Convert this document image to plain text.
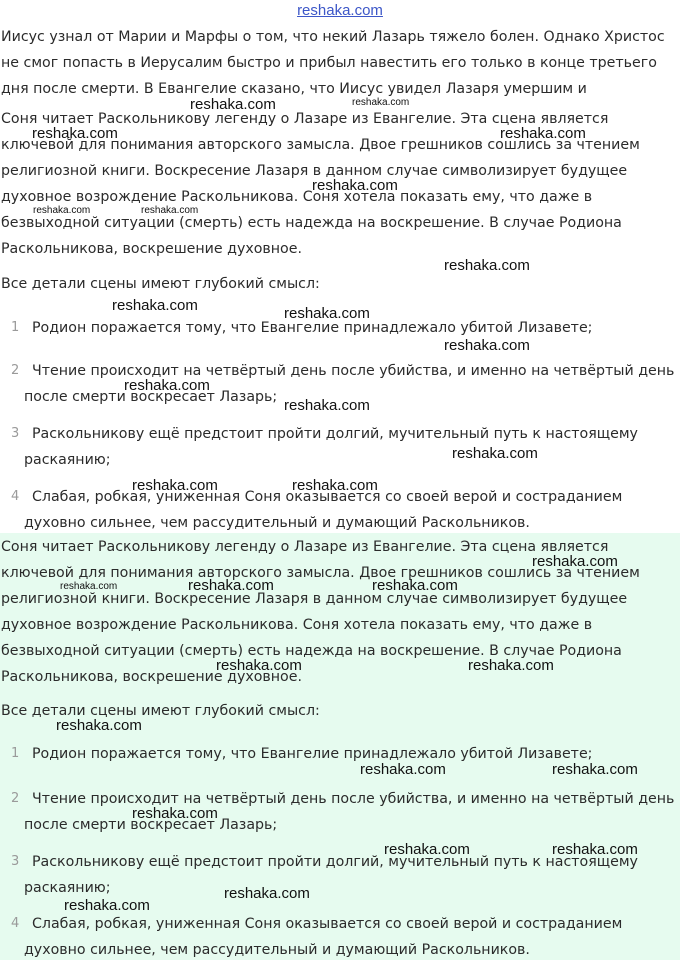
reshaka.com

Иисус узнал от Марии и Марфы о том, что некий Лазарь тяжело болен. Однако Христос не смог попасть в Иерусалим быстро и прибыл навестить его только в конце третьего дня после смерти. В Евангелие сказано, что Иисус увидел Лазаря умершим и

Соня читает Раскольникову легенду о Лазаре из Евангелие. Эта сцена является ключевой для понимания авторского замысла. Двое грешников сошлись за чтением религиозной книги. Воскресение Лазаря в данном случае символизирует будущее духовное возрождение Раскольникова. Соня хотела показать ему, что даже в безвыходной ситуации (смерть) есть надежда на воскрешение. В случае Родиона Раскольникова, воскрешение духовное.

Все детали сцены имеют глубокий смысл:

1 Родион поражается тому, что Евангелие принадлежало убитой Лизавете;
2 Чтение происходит на четвёртый день после убийства, и именно на четвёртый день после смерти воскресает Лазарь;
3 Раскольникову ещё предстоит пройти долгий, мучительный путь к настоящему раскаянию;
4 Слабая, робкая, униженная Соня оказывается со своей верой и состраданием духовно сильнее, чем рассудительный и думающий Раскольников.

Соня читает Раскольникову легенду о Лазаре из Евангелие. Эта сцена является ключевой для понимания авторского замысла. Двое грешников сошлись за чтением религиозной книги. Воскресение Лазаря в данном случае символизирует будущее духовное возрождение Раскольникова. Соня хотела показать ему, что даже в безвыходной ситуации (смерть) есть надежда на воскрешение. В случае Родиона Раскольникова, воскрешение духовное.

Все детали сцены имеют глубокий смысл:

1 Родион поражается тому, что Евангелие принадлежало убитой Лизавете;
2 Чтение происходит на четвёртый день после убийства, и именно на четвёртый день после смерти воскресает Лазарь;
3 Раскольникову ещё предстоит пройти долгий, мучительный путь к настоящему раскаянию;
4 Слабая, робкая, униженная Соня оказывается со своей верой и состраданием духовно сильнее, чем рассудительный и думающий Раскольников.
reshaka.com	reshaka.com
reshaka.com	reshaka.com
reshaka.com
reshaka.com	reshaka.com
reshaka.com
reshaka.com	reshaka.com
reshaka.com
reshaka.com
reshaka.com
reshaka.com
reshaka.com	reshaka.com
reshaka.com
reshaka.com	reshaka.com	reshaka.com
reshaka.com	reshaka.com
reshaka.com
reshaka.com	reshaka.com
reshaka.com
reshaka.com	reshaka.com
reshaka.com
reshaka.com
